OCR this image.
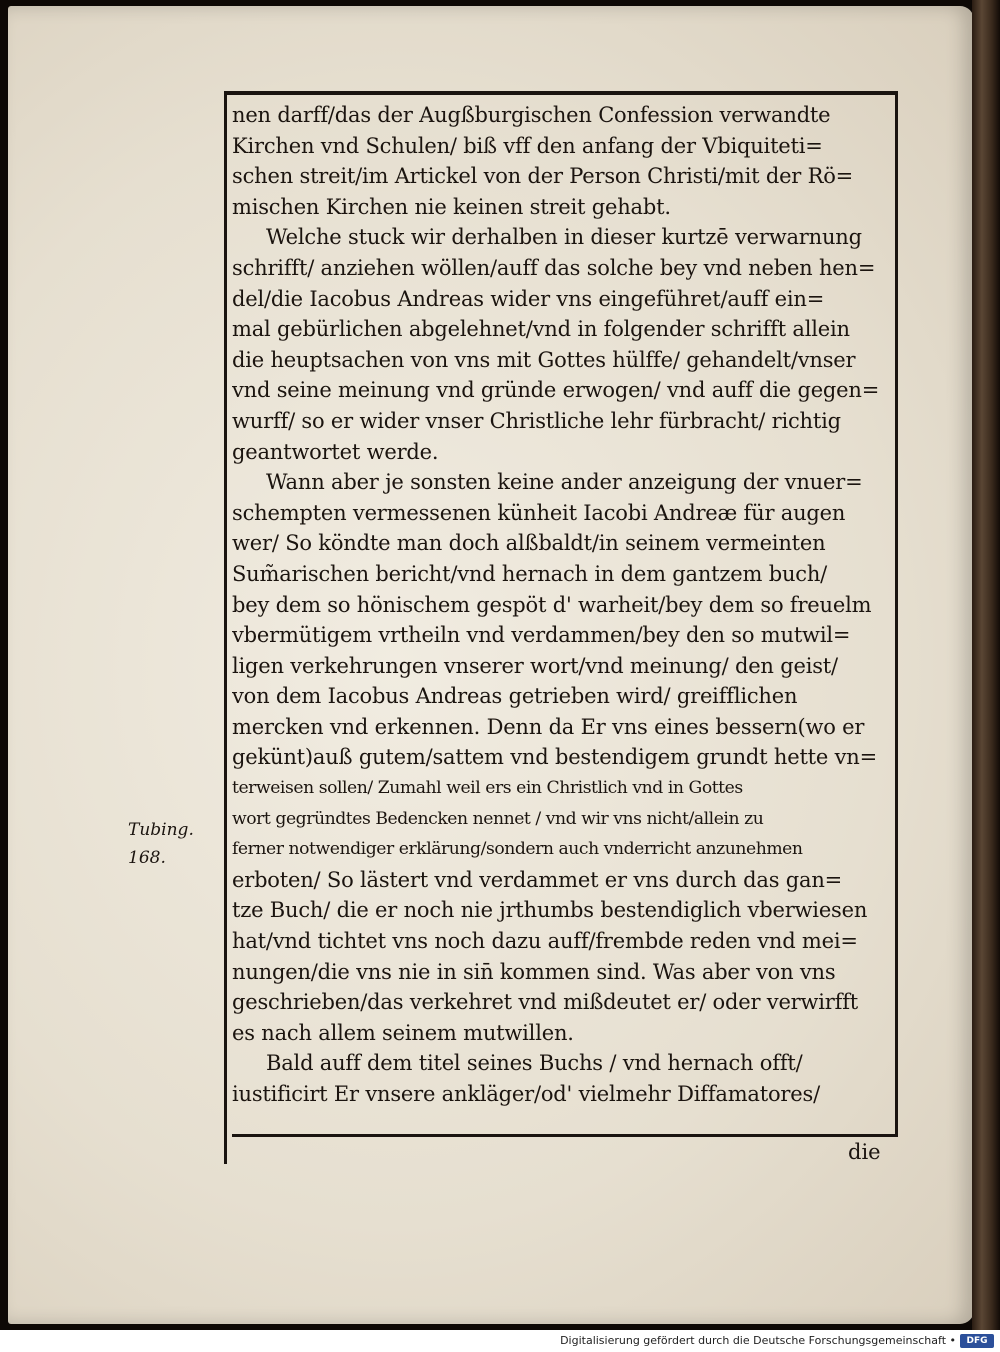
nen darff/das der Augßburgischen Confession verwandte
Kirchen vnd Schulen/ biß vff den anfang der Vbiquiteti=
schen streit/im Artickel von der Person Christi/mit der Rö=
mischen Kirchen nie keinen streit gehabt.
Welche stuck wir derhalben in dieser kurtzē verwarnung
schrifft/ anziehen wöllen/auff das solche bey vnd neben hen=
del/die Iacobus Andreas wider vns eingeführet/auff ein=
mal gebürlichen abgelehnet/vnd in folgender schrifft allein
die heuptsachen von vns mit Gottes hülffe/ gehandelt/vnser
vnd seine meinung vnd gründe erwogen/ vnd auff die gegen=
wurff/ so er wider vnser Christliche lehr fürbracht/ richtig
geantwortet werde.
Wann aber je sonsten keine ander anzeigung der vnuer=
schempten vermessenen künheit Iacobi Andreæ für augen
wer/ So köndte man doch alßbaldt/in seinem vermeinten
Sum̃arischen bericht/vnd hernach in dem gantzem buch/
bey dem so hönischem gespöt d' warheit/bey dem so freuelm
vbermütigem vrtheiln vnd verdammen/bey den so mutwil=
ligen verkehrungen vnserer wort/vnd meinung/ den geist/
von dem Iacobus Andreas getrieben wird/ greifflichen
mercken vnd erkennen. Denn da Er vns eines bessern(wo er
gekünt)auß gutem/sattem vnd bestendigem grundt hette vn=
terweisen sollen/ Zumahl weil ers ein Christlich vnd in Gottes
wort gegründtes Bedencken nennet / vnd wir vns nicht/allein zu
ferner notwendiger erklärung/sondern auch vnderricht anzunehmen
erboten/ So lästert vnd verdammet er vns durch das gan=
tze Buch/ die er noch nie jrthumbs bestendiglich vberwiesen
hat/vnd tichtet vns noch dazu auff/frembde reden vnd mei=
nungen/die vns nie in sin̄ kommen sind. Was aber von vns
geschrieben/das verkehret vnd mißdeutet er/ oder verwirfft
es nach allem seinem mutwillen.
Bald auff dem titel seines Buchs / vnd hernach offt/
iustificirt Er vnsere ankläger/od' vielmehr Diffamatores/
Tubing.
168.
die
Digitalisierung gefördert durch die Deutsche Forschungsgemeinschaft •	DFG
